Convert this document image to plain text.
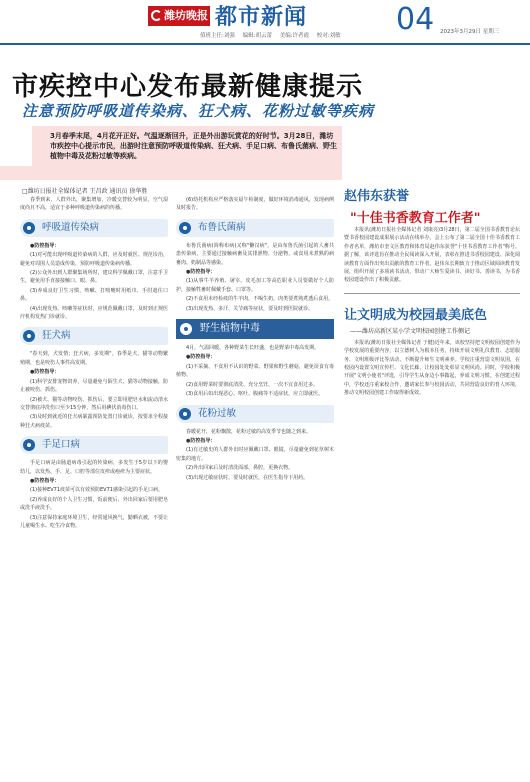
潍坊晚报 都市新闻
值班主任:刘强 编辑:胡云蕾 美编:许者霞 校对:刘敏 04 2023年3月29日 星期三
市疾控中心发布最新健康提示
注意预防呼吸道传染病、狂犬病、花粉过敏等疾病
3月春季末尾，4月花开正好。气温逐渐回升，正是外出游玩赏花的好时节。3月28日，潍坊市疾控中心提示市民，出游时注意预防呼吸道传染病、狂犬病、手足口病、布鲁氏菌病、野生植物中毒及花粉过敏等疾病。
□潍坊日报社全媒体记者 王昌政 通讯员 徐华胜

春季到来，人群外出，聚集增加，冷暖交替较为明显，空气湿度尚且不高，适宜于多种呼吸道传染病的传播。

呼吸道传染病

●防控指导：

(1)对可能出现呼吸道传染病的人群，应及时就医、规范诊治，避免对周围人员造成传染，预防呼吸道传染病传播。

(2)公众外出到人群聚集场所时，建议科学佩戴口罩，注意手卫生，避免用手直接接触口、眼、鼻。

(3)养成良好卫生习惯，咳嗽、打喷嚏时用纸巾、手肘遮住口鼻。

(4)出现发热、咳嗽等症状时，应规范佩戴口罩，及时到正规医疗机构发热门诊就诊。

狂犬病

"春天到，犬发情；狂犬病，多发期"。春季是犬、猫等动物繁殖期，也是咬伤人事件高发期。

●防控指导：

(1)科学安排宠物饲养，尽量避免与陌生犬、猫等动物接触，防止被咬伤、抓伤。

(2)被犬、猫等动物咬伤、抓伤后，要立即用肥皂水和流动清水交替彻底冲洗伤口至少15分钟，然后用碘伏消毒伤口。

(3)及时到就近的狂犬病暴露预防处置门诊就诊，按要求全程接种狂犬病疫苗。

手足口病

手足口病是由肠道病毒引起的传染病，多发生于5岁以下的婴幼儿，以发热、手、足、口腔等部位皮疹或疱疹为主要症状。

●防控指导：

(1)接种EV71疫苗可以有效预防EV71感染引起的手足口病。

(2)养成良好的个人卫生习惯，饭前便后、外出回家后要用肥皂或洗手液洗手。

(3)注意保持家庭环境卫生，经常通风换气，勤晒衣被，不要让儿童喝生水、吃生冷食物。

(6)幼托机构应严格落实晨午检制度，做好环境消毒通风，发现病例及时报告。

布鲁氏菌病

布鲁氏菌病(简称布病)又称"懒汉病"，是由布鲁氏菌引起的人畜共患传染病，主要通过接触病畜及其排泄物、分泌物，或食用未煮熟的病畜肉、奶制品等感染。

●防控指导：

(1)从事牛羊养殖、屠宰、皮毛加工等高危职业人员要做好个人防护，接触牲畜时佩戴手套、口罩等。

(2)不食用未经检疫的牛羊肉，不喝生奶，肉类要煮熟煮透后食用。

(3)出现发热、多汗、关节痛等症状，要及时到医院就诊。

野生植物中毒

4月，气温回暖，各种野菜生长旺盛，也是野菜中毒高发期。

●防控指导：

(1)不采摘、不食用不认识的野菜、野果和野生蘑菇，避免误食有毒植物。

(2)食用野菜时要彻底清洗、充分烹饪，一次不宜食用过多。

(3)食用后如出现恶心、呕吐、腹痛等不适症状，应立即就医。

花粉过敏

春暖花开，花粉飘散，花粉过敏的高发季节也随之到来。

●防控指导：

(1)有过敏史的人群外出时应佩戴口罩、眼镜，尽量避免到花草树木密集的地方。

(2)外出回家后及时清洗面部、鼻腔，更换衣物。

(3)出现过敏症状时，要及时就医，在医生指导下用药。

赵伟东获誉
"十佳书香教育工作者"

本报讯(潍坊日报社全媒体记者 刘康亮)3月28日，第二届全国书香教育论坛暨书香校园建设成果展示活动在线举办，会上公布了第二届全国十佳书香教育工作者名单，潍坊市奎文区教育和体育局赵伟东获誉"十佳书香教育工作者"称号。据了解，该评选旨在推动全民阅读深入开展，表彰在推进书香校园建设、深化阅读教育方面作出突出贡献的教育工作者。赵伟东长期致力于推动区域阅读教育发展，组织开展了多项读书活动，带动广大师生爱读书、读好书、善读书，为书香校园建设作出了积极贡献。

让文明成为校园最美底色
——潍坊高新区某小学文明校园创建工作侧记

本报讯(潍坊日报社全媒体记者 于健)近年来，该校坚持把文明校园创建作为学校发展的重要内容，以立德树人为根本任务，持续开展文明礼仪教育、志愿服务、文明班级评比等活动，不断提升师生文明素养。学校注重营造文明氛围，在校园内设置文明宣传栏、文化长廊，让校园处处彰显文明风尚。同时，学校积极开展"文明小使者"评选，引导学生从身边小事做起，养成文明习惯。在创建过程中，学校还注重家校合作，邀请家长参与校园活动，共同营造良好的育人环境，推动文明校园创建工作取得新成效。
